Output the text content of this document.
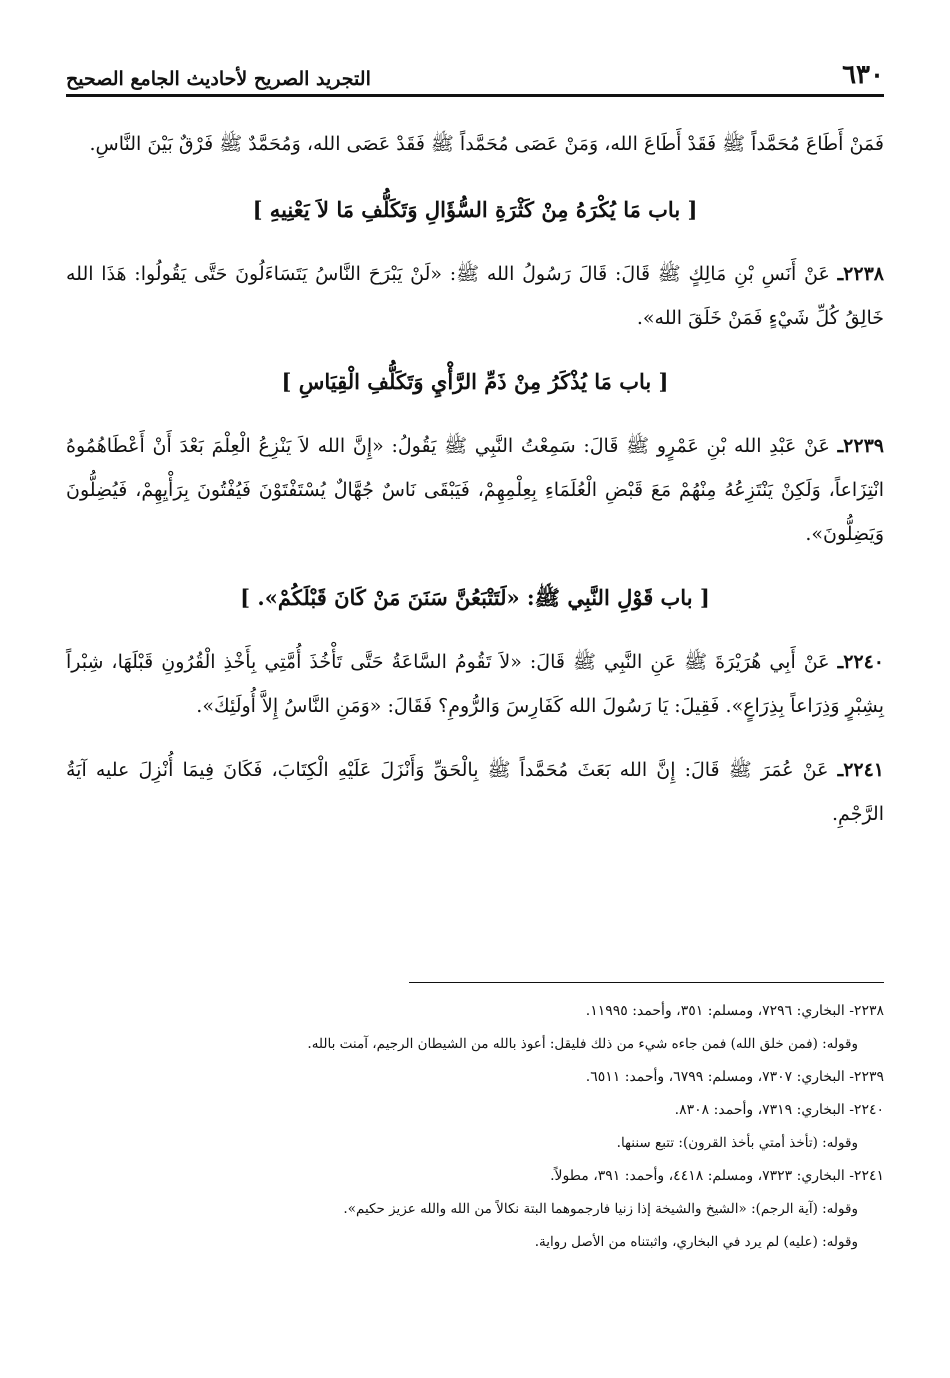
٦٣٠
التجريد الصريح لأحاديث الجامع الصحيح

فَمَنْ أَطَاعَ مُحَمَّداً ﷺ فَقَدْ أَطَاعَ الله، وَمَنْ عَصَى مُحَمَّداً ﷺ فَقَدْ عَصَى الله، وَمُحَمَّدٌ ﷺ فَرْقٌ بَيْنَ النَّاسِ.

[ باب مَا يُكْرَهُ مِنْ كَثْرَةِ السُّؤَالِ وَتَكَلُّفِ مَا لاَ يَعْنِيهِ ]

٢٢٣٨ـ عَنْ أَنَسِ بْنِ مَالِكٍ ﷺ قَالَ: قَالَ رَسُولُ الله ﷺ: «لَنْ يَبْرَحَ النَّاسُ يَتَسَاءَلُونَ حَتَّى يَقُولُوا: هَذَا الله خَالِقُ كُلِّ شَيْءٍ فَمَنْ خَلَقَ الله».

[ باب مَا يُذْكَرُ مِنْ ذَمِّ الرَّأْيِ وَتَكَلُّفِ الْقِيَاسِ ]

٢٢٣٩ـ عَنْ عَبْدِ الله بْنِ عَمْرٍو ﷺ قَالَ: سَمِعْتُ النَّبِي ﷺ يَقُولُ: «إِنَّ الله لاَ يَنْزِعُ الْعِلْمَ بَعْدَ أَنْ أَعْطَاهُمُوهُ انْتِزَاعاً، وَلَكِنْ يَنْتَزِعُهُ مِنْهُمْ مَعَ قَبْضِ الْعُلَمَاءِ بِعِلْمِهِمْ، فَيَبْقَى نَاسٌ جُهَّالٌ يُسْتَفْتَوْنَ فَيُفْتُونَ بِرَأْيِهِمْ، فَيُضِلُّونَ وَيَضِلُّونَ».

[ باب قَوْلِ النَّبِي ﷺ: «لَتَتْبَعُنَّ سَنَنَ مَنْ كَانَ قَبْلَكُمْ». ]

٢٢٤٠ـ عَنْ أَبِي هُرَيْرَةَ ﷺ عَنِ النَّبِي ﷺ قَالَ: «لاَ تَقُومُ السَّاعَةُ حَتَّى تَأْخُذَ أُمَّتِي بِأَخْذِ الْقُرُونِ قَبْلَهَا، شِبْراً بِشِبْرٍ وَذِرَاعاً بِذِرَاعٍ». فَقِيلَ: يَا رَسُولَ الله كَفَارِسَ وَالرُّومِ؟ فَقَالَ: «وَمَنِ النَّاسُ إِلاَّ أُولَئِكَ».

٢٢٤١ـ عَنْ عُمَرَ ﷺ قَالَ: إِنَّ الله بَعَثَ مُحَمَّداً ﷺ بِالْحَقِّ وَأَنْزَلَ عَلَيْهِ الْكِتَابَ، فَكَانَ فِيمَا أُنْزِلَ عليه آيَةُ الرَّجْمِ.

٢٢٣٨- البخاري: ٧٢٩٦، ومسلم: ٣٥١، وأحمد: ١١٩٩٥.

وقوله: (فمن خلق الله) فمن جاءه شيء من ذلك فليقل: أعوذ بالله من الشيطان الرجيم، آمنت بالله.

٢٢٣٩- البخاري: ٧٣٠٧، ومسلم: ٦٧٩٩، وأحمد: ٦٥١١.

٢٢٤٠- البخاري: ٧٣١٩، وأحمد: ٨٣٠٨.

وقوله: (تأخذ أمتي بأخذ القرون): تتبع سننها.

٢٢٤١- البخاري: ٧٣٢٣، ومسلم: ٤٤١٨، وأحمد: ٣٩١، مطولاً.

وقوله: (آية الرجم): «الشيخ والشيخة إذا زنيا فارجموهما البتة نكالاً من الله والله عزيز حكيم».

وقوله: (عليه) لم يرد في البخاري، واثبتناه من الأصل رواية.
